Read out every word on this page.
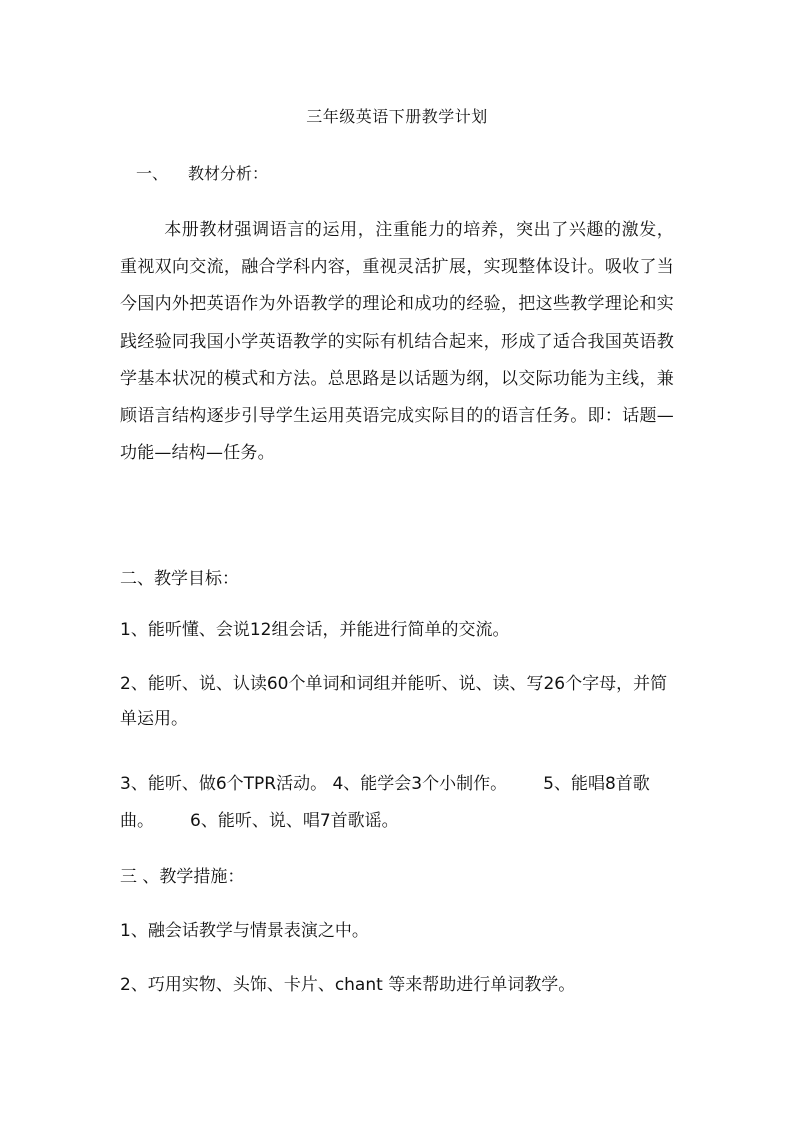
三年级英语下册教学计划
一、 教材分析：
本册教材强调语言的运用，注重能力的培养，突出了兴趣的激发，重视双向交流，融合学科内容，重视灵活扩展，实现整体设计。吸收了当今国内外把英语作为外语教学的理论和成功的经验，把这些教学理论和实践经验同我国小学英语教学的实际有机结合起来，形成了适合我国英语教学基本状况的模式和方法。总思路是以话题为纲，以交际功能为主线，兼顾语言结构逐步引导学生运用英语完成实际目的的语言任务。即：话题—功能—结构—任务。
二、教学目标：
1、能听懂、会说12组会话，并能进行简单的交流。
2、能听、说、认读60个单词和词组并能听、说、读、写26个字母，并简单运用。
3、能听、做6个TPR活动。 4、能学会3个小制作。 5、能唱8首歌曲。 6、能听、说、唱7首歌谣。
三 、教学措施：
1、融会话教学与情景表演之中。
2、巧用实物、头饰、卡片、chant 等来帮助进行单词教学。
